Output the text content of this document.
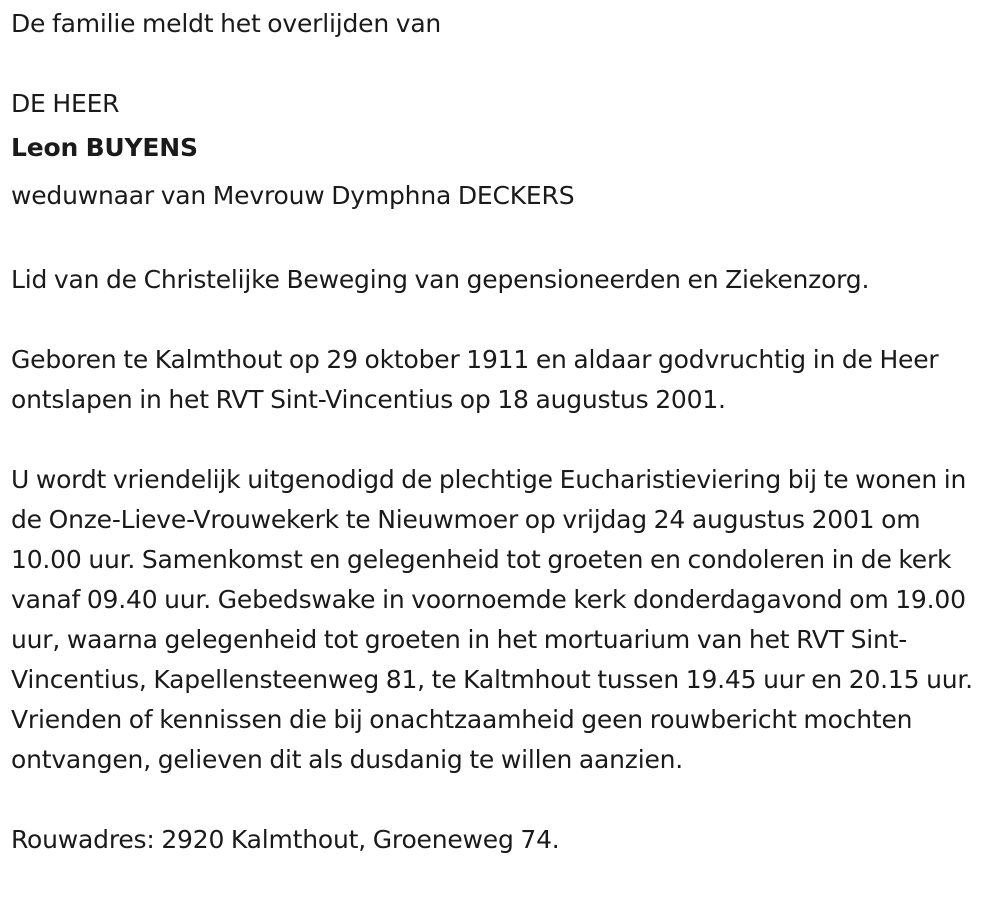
De familie meldt het overlijden van

DE HEER

Leon BUYENS

weduwnaar van Mevrouw Dymphna DECKERS

Lid van de Christelijke Beweging van gepensioneerden en Ziekenzorg.

Geboren te Kalmthout op 29 oktober 1911 en aldaar godvruchtig in de Heer ontslapen in het RVT Sint-Vincentius op 18 augustus 2001.

U wordt vriendelijk uitgenodigd de plechtige Eucharistieviering bij te wonen in de Onze-Lieve-Vrouwekerk te Nieuwmoer op vrijdag 24 augustus 2001 om 10.00 uur. Samenkomst en gelegenheid tot groeten en condoleren in de kerk vanaf 09.40 uur. Gebedswake in voornoemde kerk donderdagavond om 19.00 uur, waarna gelegenheid tot groeten in het mortuarium van het RVT Sint-Vincentius, Kapellensteenweg 81, te Kaltmhout tussen 19.45 uur en 20.15 uur. Vrienden of kennissen die bij onachtzaamheid geen rouwbericht mochten ontvangen, gelieven dit als dusdanig te willen aanzien.

Rouwadres: 2920 Kalmthout, Groeneweg 74.
